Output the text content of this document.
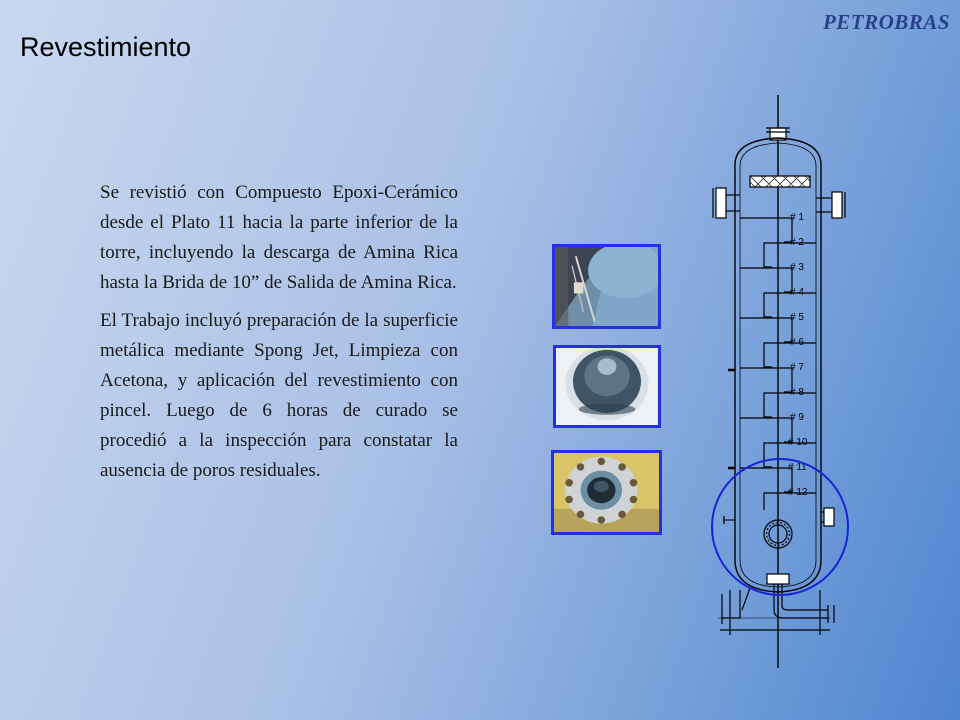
PETROBRAS
Revestimiento

Se revistió con Compuesto Epoxi-Cerámico desde el Plato 11 hacia la parte inferior de la torre, incluyendo la descarga de Amina Rica hasta la Brida de 10” de Salida de Amina Rica.

El Trabajo incluyó preparación de la superficie metálica mediante Spong Jet, Limpieza con Acetona, y aplicación del revestimiento con pincel. Luego de 6 horas de curado se procedió a la inspección para constatar la ausencia de poros residuales.

# 1
# 2
# 3
# 4
# 5
# 6
# 7
# 8
# 9
# 10
# 11
# 12
